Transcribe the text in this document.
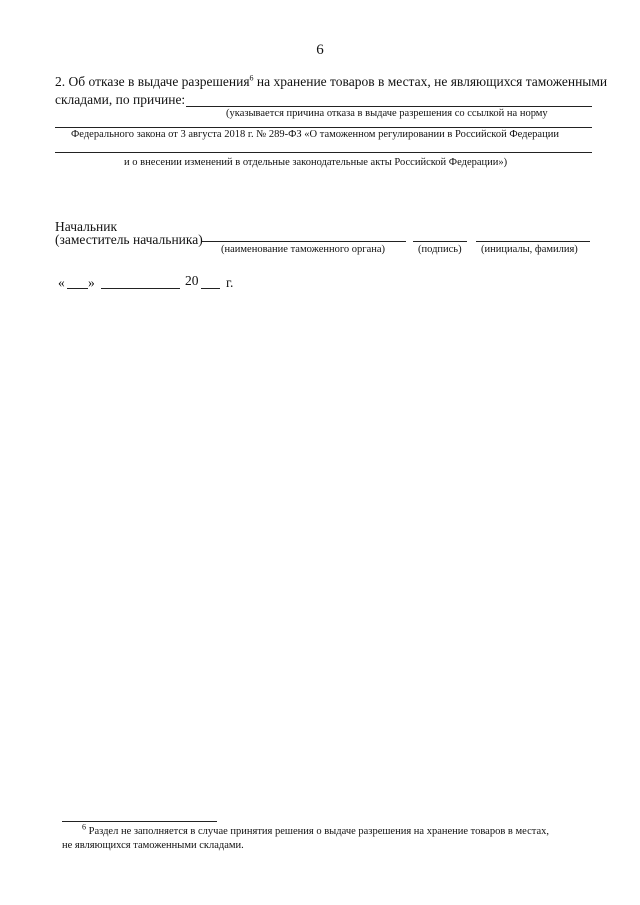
6
2. Об отказе в выдаче разрешения$^6$ на хранение товаров в местах, не являющихся таможенными
складами, по причине:
(указывается причина отказа в выдаче разрешения со ссылкой на норму
Федерального закона от 3 августа 2018 г. № 289-ФЗ «О таможенном регулировании в Российской Федерации
и о внесении изменений в отдельные законодательные акты Российской Федерации»)
Начальник
(заместитель начальника)
(наименование таможенного органа)	(подпись) (инициалы, фамилия)
« »	20 г.
$^6$ Раздел не заполняется в случае принятия решения о выдаче разрешения на хранение товаров в местах,
не являющихся таможенными складами.
